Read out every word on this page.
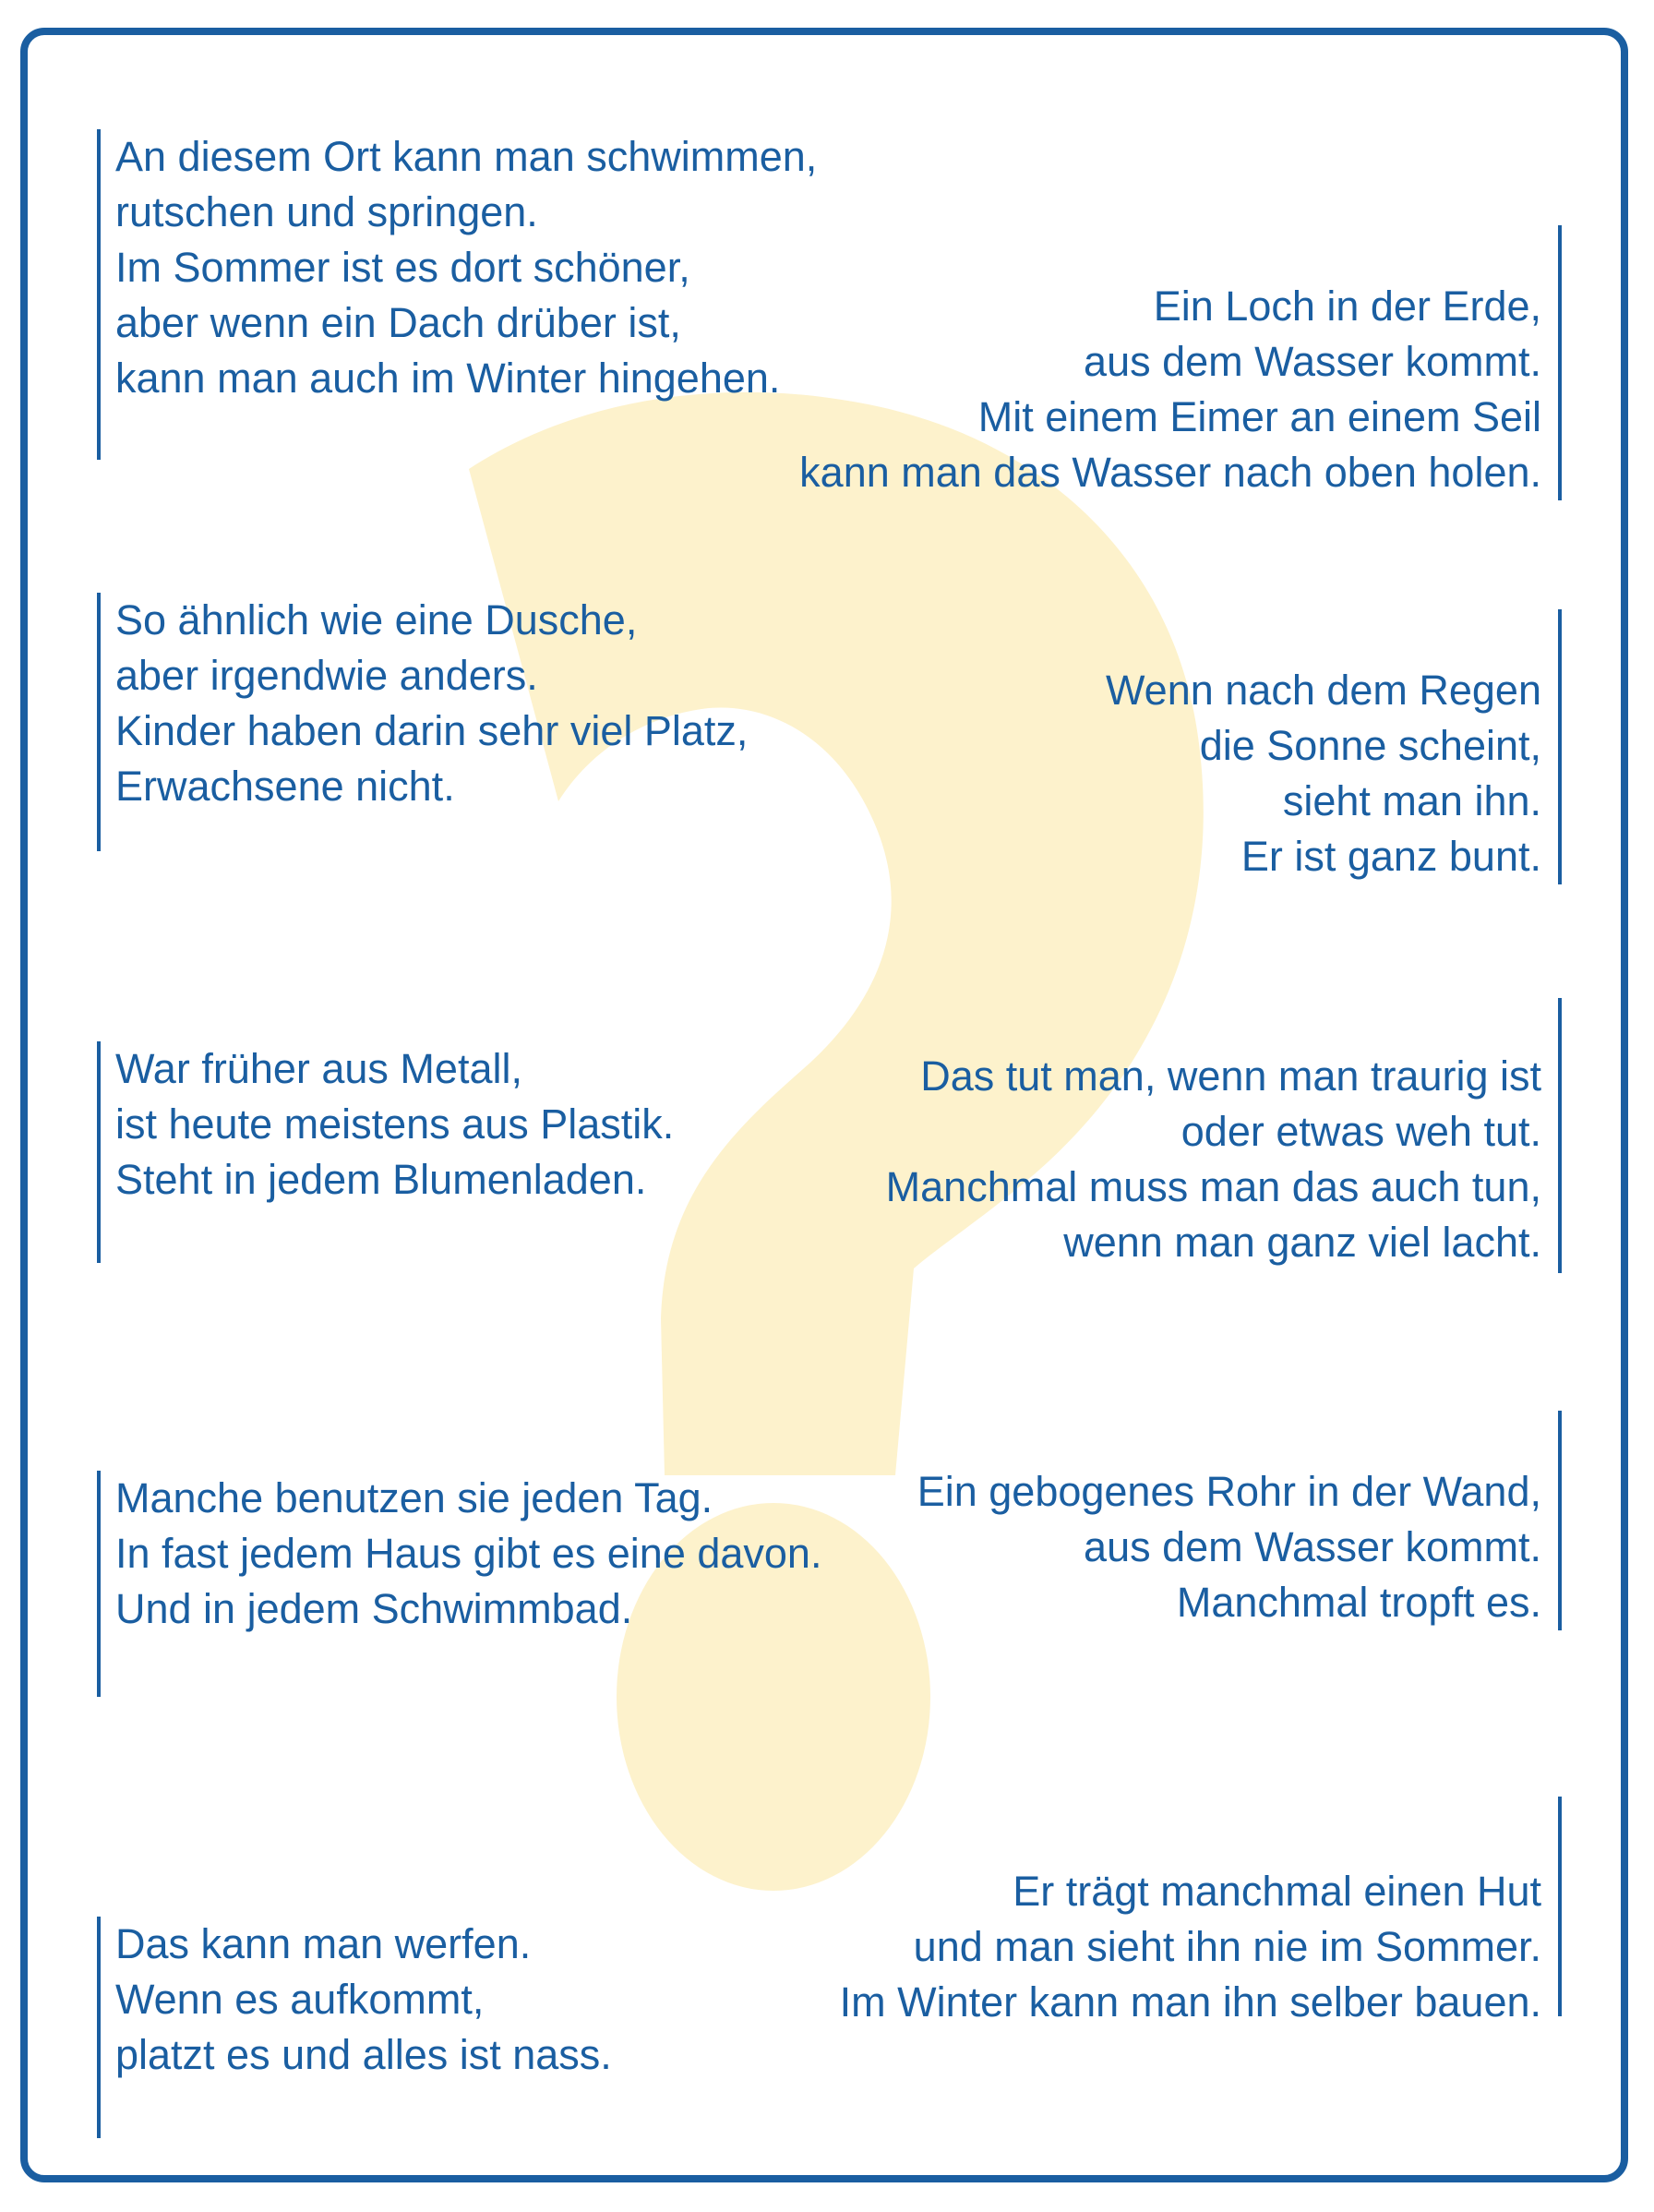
An diesem Ort kann man schwimmen,
rutschen und springen.
Im Sommer ist es dort schöner,
aber wenn ein Dach drüber ist,
kann man auch im Winter hingehen.
So ähnlich wie eine Dusche,
aber irgendwie anders.
Kinder haben darin sehr viel Platz,
Erwachsene nicht.
War früher aus Metall,
ist heute meistens aus Plastik.
Steht in jedem Blumenladen.
Manche benutzen sie jeden Tag.
In fast jedem Haus gibt es eine davon.
Und in jedem Schwimmbad.
Das kann man werfen.
Wenn es aufkommt,
platzt es und alles ist nass.
Ein Loch in der Erde,
aus dem Wasser kommt.
Mit einem Eimer an einem Seil
kann man das Wasser nach oben holen.
Wenn nach dem Regen
die Sonne scheint,
sieht man ihn.
Er ist ganz bunt.
Das tut man, wenn man traurig ist
oder etwas weh tut.
Manchmal muss man das auch tun,
wenn man ganz viel lacht.
Ein gebogenes Rohr in der Wand,
aus dem Wasser kommt.
Manchmal tropft es.
Er trägt manchmal einen Hut
und man sieht ihn nie im Sommer.
Im Winter kann man ihn selber bauen.
